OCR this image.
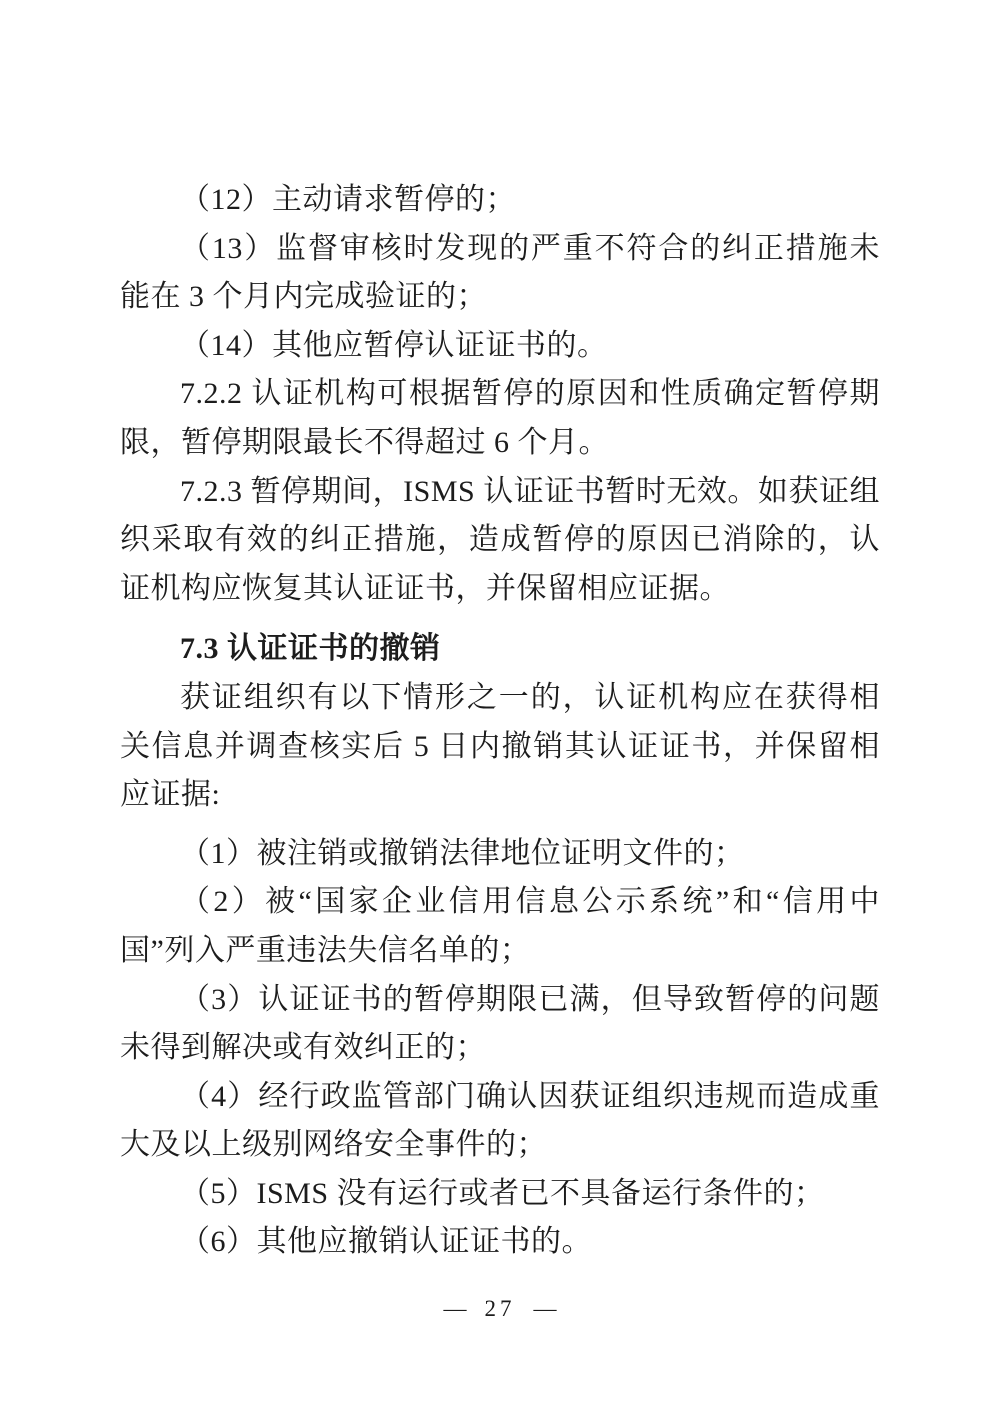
（12）主动请求暂停的；

（13）监督审核时发现的严重不符合的纠正措施未能在 3 个月内完成验证的；

（14）其他应暂停认证证书的。

7.2.2 认证机构可根据暂停的原因和性质确定暂停期限，暂停期限最长不得超过 6 个月。

7.2.3 暂停期间，ISMS 认证证书暂时无效。如获证组织采取有效的纠正措施，造成暂停的原因已消除的，认证机构应恢复其认证证书，并保留相应证据。

7.3 认证证书的撤销

获证组织有以下情形之一的，认证机构应在获得相关信息并调查核实后 5 日内撤销其认证证书，并保留相应证据:

（1）被注销或撤销法律地位证明文件的；

（2）被“国家企业信用信息公示系统”和“信用中国”列入严重违法失信名单的；

（3）认证证书的暂停期限已满，但导致暂停的问题未得到解决或有效纠正的；

（4）经行政监管部门确认因获证组织违规而造成重大及以上级别网络安全事件的；

（5）ISMS 没有运行或者已不具备运行条件的；

（6）其他应撤销认证证书的。

— 27 —
